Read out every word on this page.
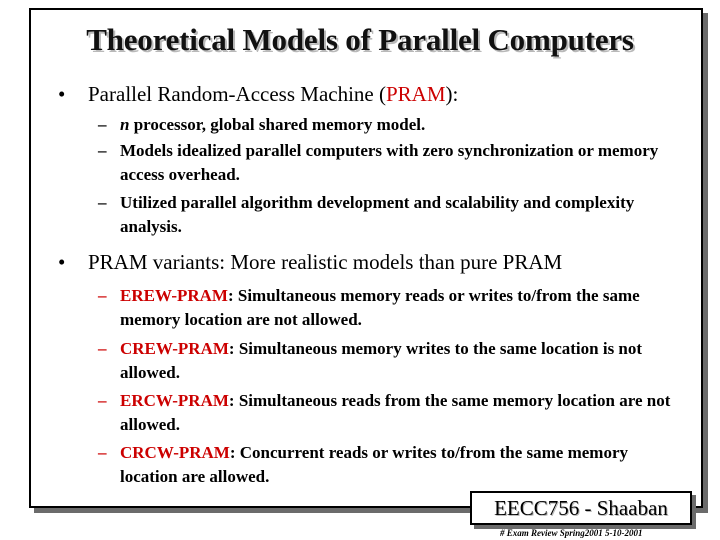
Theoretical Models of Parallel Computers
• Parallel Random-Access Machine (PRAM):
– n processor, global shared memory model.
– Models idealized parallel computers with zero synchronization or memory access overhead.
– Utilized parallel algorithm development and scalability and complexity analysis.
• PRAM variants: More realistic models than pure PRAM
– EREW-PRAM: Simultaneous memory reads or writes to/from the same memory location are not allowed.
– CREW-PRAM: Simultaneous memory writes to the same location is not allowed.
– ERCW-PRAM: Simultaneous reads from the same memory location are not allowed.
– CRCW-PRAM: Concurrent reads or writes to/from the same memory location are allowed.
EECC756 - Shaaban
# Exam Review Spring2001 5-10-2001
